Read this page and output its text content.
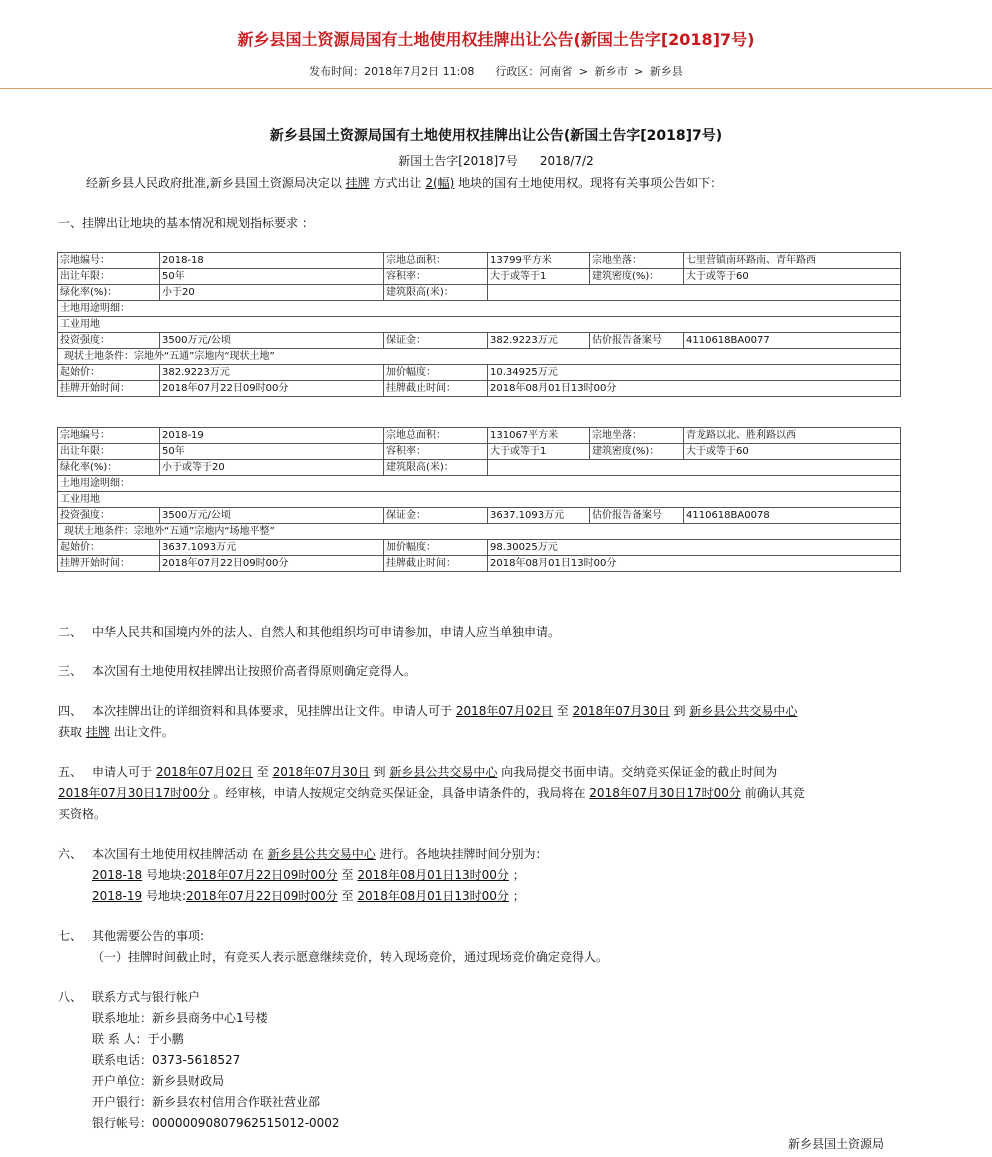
新乡县国土资源局国有土地使用权挂牌出让公告(新国土告字[2018]7号)
发布时间：2018年7月2日 11:08 行政区：河南省 > 新乡市 > 新乡县
新乡县国土资源局国有土地使用权挂牌出让公告(新国土告字[2018]7号)
新国土告字[2018]7号 2018/7/2
经新乡县人民政府批准,新乡县国土资源局决定以 挂牌 方式出让 2(幅) 地块的国有土地使用权。现将有关事项公告如下：
一、挂牌出让地块的基本情况和规划指标要求 ：
宗地编号：	2018-18	宗地总面积：	13799平方米	宗地坐落：	七里营镇南环路南、青年路西
出让年限：	50年	容积率：	大于或等于1	建筑密度(%)：	大于或等于60
绿化率(%)：	小于20	建筑限高(米)：			
土地用途明细：					
工业用地					
投资强度：	3500万元/公顷	保证金：	382.9223万元	估价报告备案号	4110618BA0077
现状土地条件：宗地外“五通”宗地内“现状土地”					
起始价：	382.9223万元	加价幅度：	10.34925万元		
挂牌开始时间：	2018年07月22日09时00分	挂牌截止时间：	2018年08月01日13时00分		
宗地编号：	2018-19	宗地总面积：	131067平方米	宗地坐落：	青龙路以北、胜利路以西
出让年限：	50年	容积率：	大于或等于1	建筑密度(%)：	大于或等于60
绿化率(%)：	小于或等于20	建筑限高(米)：			
土地用途明细：					
工业用地					
投资强度：	3500万元/公顷	保证金：	3637.1093万元	估价报告备案号	4110618BA0078
现状土地条件：宗地外“五通”宗地内“场地平整”					
起始价：	3637.1093万元	加价幅度：	98.30025万元		
挂牌开始时间：	2018年07月22日09时00分	挂牌截止时间：	2018年08月01日13时00分		
二、 中华人民共和国境内外的法人、自然人和其他组织均可申请参加，申请人应当单独申请。
三、 本次国有土地使用权挂牌出让按照价高者得原则确定竞得人。
四、 本次挂牌出让的详细资料和具体要求，见挂牌出让文件。申请人可于 2018年07月02日 至 2018年07月30日 到 新乡县公共交易中心
获取 挂牌 出让文件。
五、 申请人可于 2018年07月02日 至 2018年07月30日 到 新乡县公共交易中心 向我局提交书面申请。交纳竞买保证金的截止时间为
2018年07月30日17时00分 。经审核，申请人按规定交纳竞买保证金，具备申请条件的，我局将在 2018年07月30日17时00分 前确认其竞
买资格。
六、 本次国有土地使用权挂牌活动 在 新乡县公共交易中心 进行。各地块挂牌时间分别为：
2018-18 号地块:2018年07月22日09时00分 至 2018年08月01日13时00分 ；
2018-19 号地块:2018年07月22日09时00分 至 2018年08月01日13时00分 ；
七、 其他需要公告的事项:
（一）挂牌时间截止时，有竞买人表示愿意继续竞价，转入现场竞价，通过现场竞价确定竞得人。
八、 联系方式与银行帐户
联系地址：新乡县商务中心1号楼
联 系 人：于小鹏
联系电话：0373-5618527
开户单位：新乡县财政局
开户银行：新乡县农村信用合作联社营业部
银行帐号：00000090807962515012-0002
新乡县国土资源局
